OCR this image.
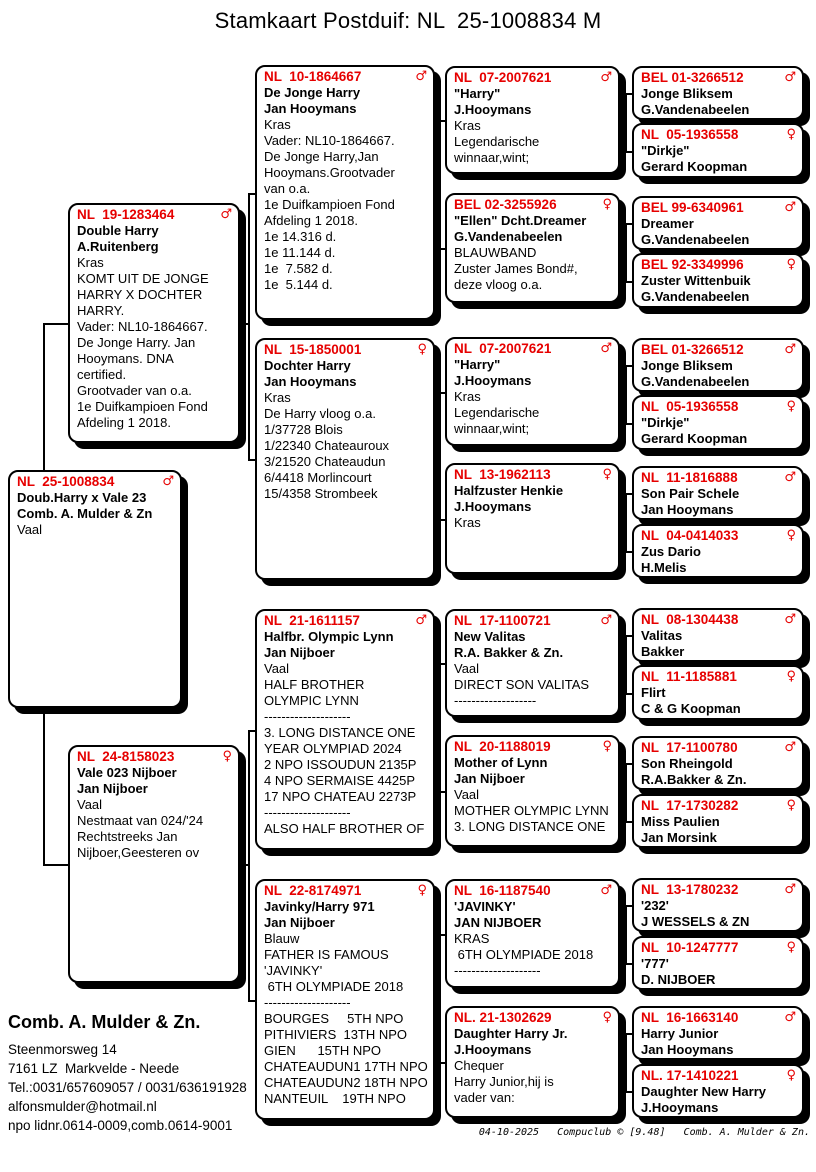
Stamkaart Postduif: NL  25-1008834 M
Comb. A. Mulder & Zn.
Steenmorsweg 14
7161 LZ  Markvelde - Neede
Tel.:0031/657609057 / 0031/636191928
alfonsmulder@hotmail.nl
npo lidnr.0614-0009,comb.0614-9001	04-10-2025   Compuclub © [9.48]   Comb. A. Mulder & Zn.
NL  25-1008834	♂
Doub.Harry x Vale 23
Comb. A. Mulder & Zn
Vaal
NL  19-1283464	♂
Double Harry
A.Ruitenberg
Kras
KOMT UIT DE JONGE
HARRY X DOCHTER
HARRY.
Vader: NL10-1864667.
De Jonge Harry. Jan
Hooymans. DNA
certified.
Grootvader van o.a.
1e Duifkampioen Fond
Afdeling 1 2018.
NL  24-8158023	♀
Vale 023 Nijboer
Jan Nijboer
Vaal
Nestmaat van 024/'24
Rechtstreeks Jan
Nijboer,Geesteren ov
NL  10-1864667	♂
De Jonge Harry
Jan Hooymans
Kras
Vader: NL10-1864667.
De Jonge Harry,Jan
Hooymans.Grootvader
van o.a.
1e Duifkampioen Fond
Afdeling 1 2018.
1e 14.316 d.
1e 11.144 d.
1e  7.582 d.
1e  5.144 d.
NL  15-1850001	♀
Dochter Harry
Jan Hooymans
Kras
De Harry vloog o.a.
1/37728 Blois
1/22340 Chateauroux
3/21520 Chateaudun
6/4418 Morlincourt
15/4358 Strombeek
NL  21-1611157	♂
Halfbr. Olympic Lynn
Jan Nijboer
Vaal
HALF BROTHER
OLYMPIC LYNN
--------------------
3. LONG DISTANCE ONE
YEAR OLYMPIAD 2024
2 NPO ISSOUDUN 2135P
4 NPO SERMAISE 4425P
17 NPO CHATEAU 2273P
--------------------
ALSO HALF BROTHER OF
NL  22-8174971	♀
Javinky/Harry 971
Jan Nijboer
Blauw
FATHER IS FAMOUS
'JAVINKY'
6TH OLYMPIADE 2018
--------------------
BOURGES     5TH NPO
PITHIVIERS  13TH NPO
GIEN      15TH NPO
CHATEAUDUN1 17TH NPO
CHATEAUDUN2 18TH NPO
NANTEUIL    19TH NPO
NL  07-2007621	♂
"Harry"
J.Hooymans
Kras
Legendarische
winnaar,wint;
BEL 02-3255926	♀
"Ellen" Dcht.Dreamer
G.Vandenabeelen
BLAUWBAND
Zuster James Bond#,
deze vloog o.a.
NL  07-2007621	♂
"Harry"
J.Hooymans
Kras
Legendarische
winnaar,wint;
NL  13-1962113	♀
Halfzuster Henkie
J.Hooymans
Kras
NL  17-1100721	♂
New Valitas
R.A. Bakker & Zn.
Vaal
DIRECT SON VALITAS
-------------------
NL  20-1188019	♀
Mother of Lynn
Jan Nijboer
Vaal
MOTHER OLYMPIC LYNN
3. LONG DISTANCE ONE
NL  16-1187540	♂
'JAVINKY'
JAN NIJBOER
KRAS
6TH OLYMPIADE 2018
--------------------
NL. 21-1302629	♀
Daughter Harry Jr.
J.Hooymans
Chequer
Harry Junior,hij is
vader van:
BEL 01-3266512	♂
Jonge Bliksem
G.Vandenabeelen
NL  05-1936558	♀
"Dirkje"
Gerard Koopman
BEL 99-6340961	♂
Dreamer
G.Vandenabeelen
BEL 92-3349996	♀
Zuster Wittenbuik
G.Vandenabeelen
BEL 01-3266512	♂
Jonge Bliksem
G.Vandenabeelen
NL  05-1936558	♀
"Dirkje"
Gerard Koopman
NL  11-1816888	♂
Son Pair Schele
Jan Hooymans
NL  04-0414033	♀
Zus Dario
H.Melis
NL  08-1304438	♂
Valitas
Bakker
NL  11-1185881	♀
Flirt
C & G Koopman
NL  17-1100780	♂
Son Rheingold
R.A.Bakker & Zn.
NL  17-1730282	♀
Miss Paulien
Jan Morsink
NL  13-1780232	♂
'232'
J WESSELS & ZN
NL  10-1247777	♀
'777'
D. NIJBOER
NL  16-1663140	♂
Harry Junior
Jan Hooymans
NL. 17-1410221	♀
Daughter New Harry
J.Hooymans
